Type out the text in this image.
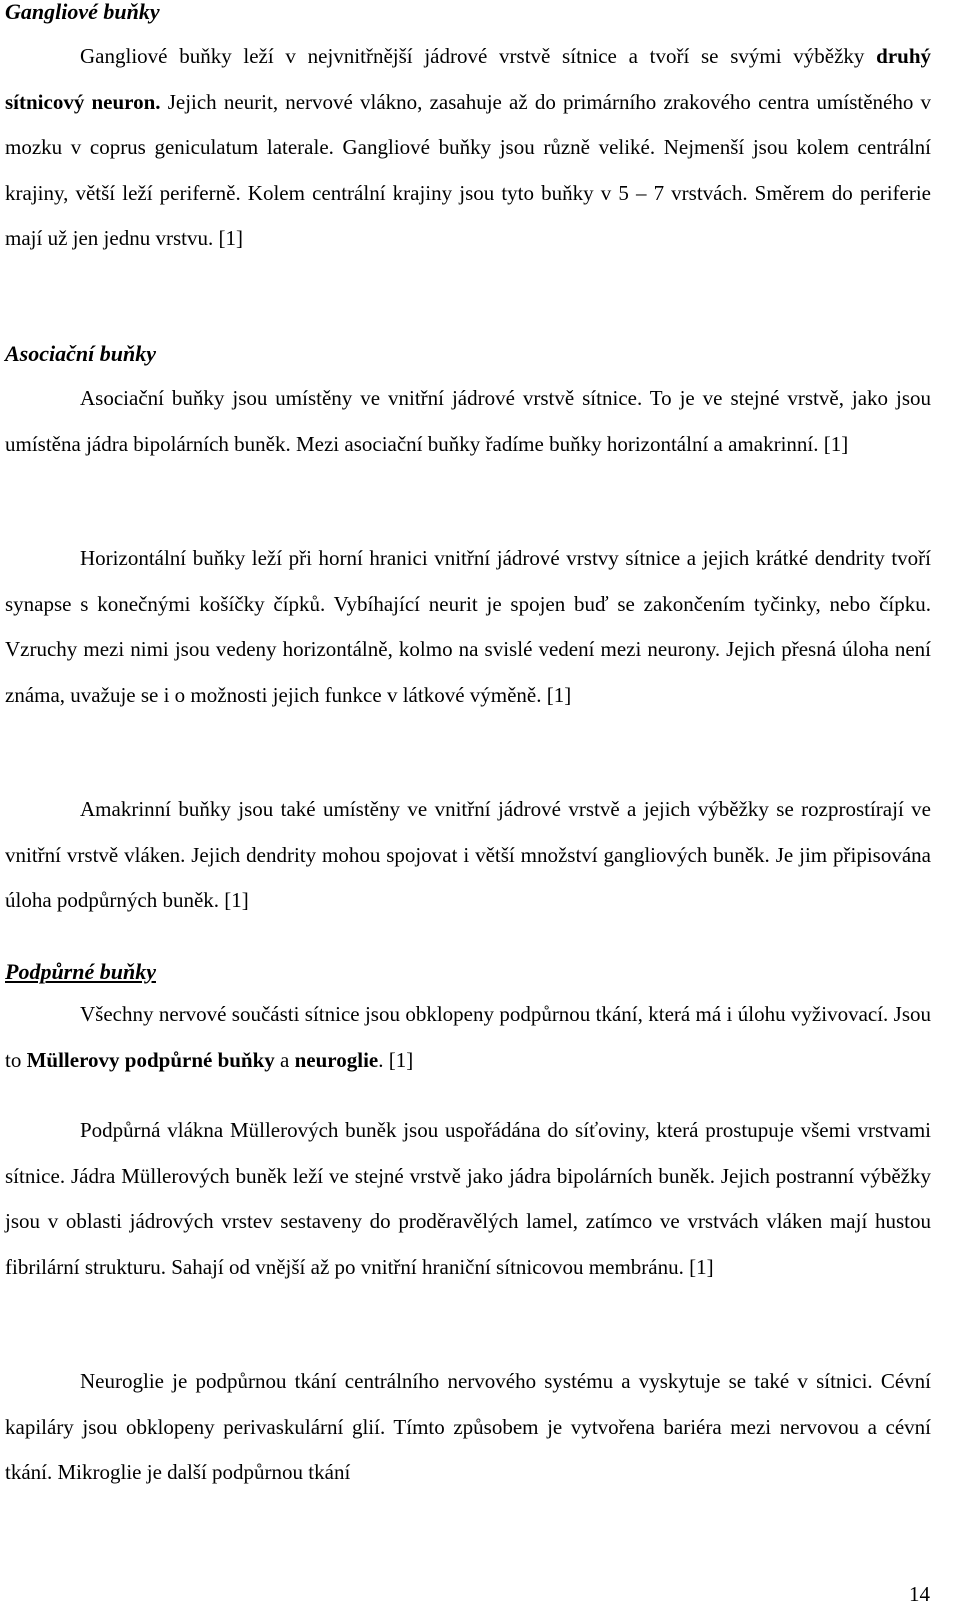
Gangliové buňky

Gangliové buňky leží v nejvnitřnější jádrové vrstvě sítnice a tvoří se svými výběžky druhý sítnicový neuron. Jejich neurit, nervové vlákno, zasahuje až do primárního zrakového centra umístěného v mozku v coprus geniculatum laterale. Gangliové buňky jsou různě veliké. Nejmenší jsou kolem centrální krajiny, větší leží periferně. Kolem centrální krajiny jsou tyto buňky v 5 – 7 vrstvách. Směrem do periferie mají už jen jednu vrstvu. [1]

Asociační buňky

Asociační buňky jsou umístěny ve vnitřní jádrové vrstvě sítnice. To je ve stejné vrstvě, jako jsou umístěna jádra bipolárních buněk. Mezi asociační buňky řadíme buňky horizontální a amakrinní. [1]

Horizontální buňky leží při horní hranici vnitřní jádrové vrstvy sítnice a jejich krátké dendrity tvoří synapse s konečnými košíčky čípků. Vybíhající neurit je spojen buď se zakončením tyčinky, nebo čípku. Vzruchy mezi nimi jsou vedeny horizontálně, kolmo na svislé vedení mezi neurony. Jejich přesná úloha není známa, uvažuje se i o možnosti jejich funkce v látkové výměně. [1]

Amakrinní buňky jsou také umístěny ve vnitřní jádrové vrstvě a jejich výběžky se rozprostírají ve vnitřní vrstvě vláken. Jejich dendrity mohou spojovat i větší množství gangliových buněk. Je jim připisována úloha podpůrných buněk. [1]

Podpůrné buňky

Všechny nervové součásti sítnice jsou obklopeny podpůrnou tkání, která má i úlohu vyživovací. Jsou to Müllerovy podpůrné buňky a neuroglie. [1]

Podpůrná vlákna Müllerových buněk jsou uspořádána do síťoviny, která prostupuje všemi vrstvami sítnice. Jádra Müllerových buněk leží ve stejné vrstvě jako jádra bipolárních buněk. Jejich postranní výběžky jsou v oblasti jádrových vrstev sestaveny do proděravělých lamel, zatímco ve vrstvách vláken mají hustou fibrilární strukturu. Sahají od vnější až po vnitřní hraniční sítnicovou membránu. [1]

Neuroglie je podpůrnou tkání centrálního nervového systému a vyskytuje se také v sítnici. Cévní kapiláry jsou obklopeny perivaskulární glií. Tímto způsobem je vytvořena bariéra mezi nervovou a cévní tkání. Mikroglie je další podpůrnou tkání

14
